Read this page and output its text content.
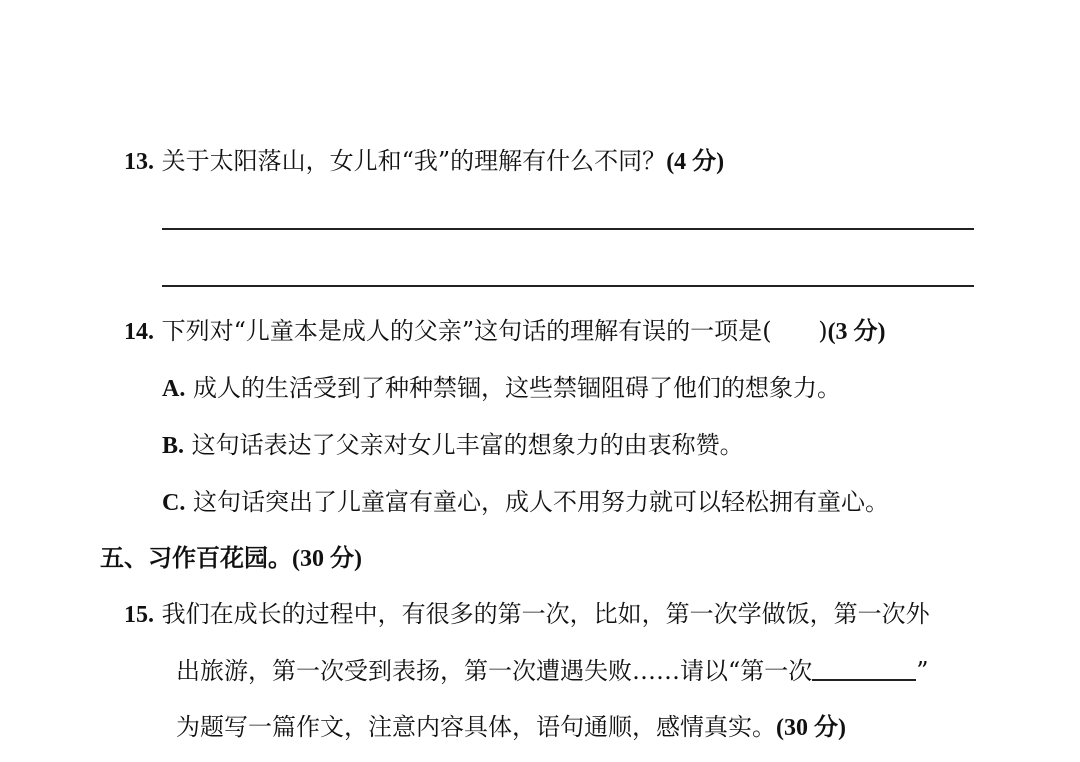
13. 关于太阳落山，女儿和“我”的理解有什么不同？(4 分)
14. 下列对“儿童本是成人的父亲”这句话的理解有误的一项是( )(3 分)
A. 成人的生活受到了种种禁锢，这些禁锢阻碍了他们的想象力。
B. 这句话表达了父亲对女儿丰富的想象力的由衷称赞。
C. 这句话突出了儿童富有童心，成人不用努力就可以轻松拥有童心。
五、习作百花园。(30 分)
15. 我们在成长的过程中，有很多的第一次，比如，第一次学做饭，第一次外
出旅游，第一次受到表扬，第一次遭遇失败……请以“第一次	”
为题写一篇作文，注意内容具体，语句通顺，感情真实。(30 分)
